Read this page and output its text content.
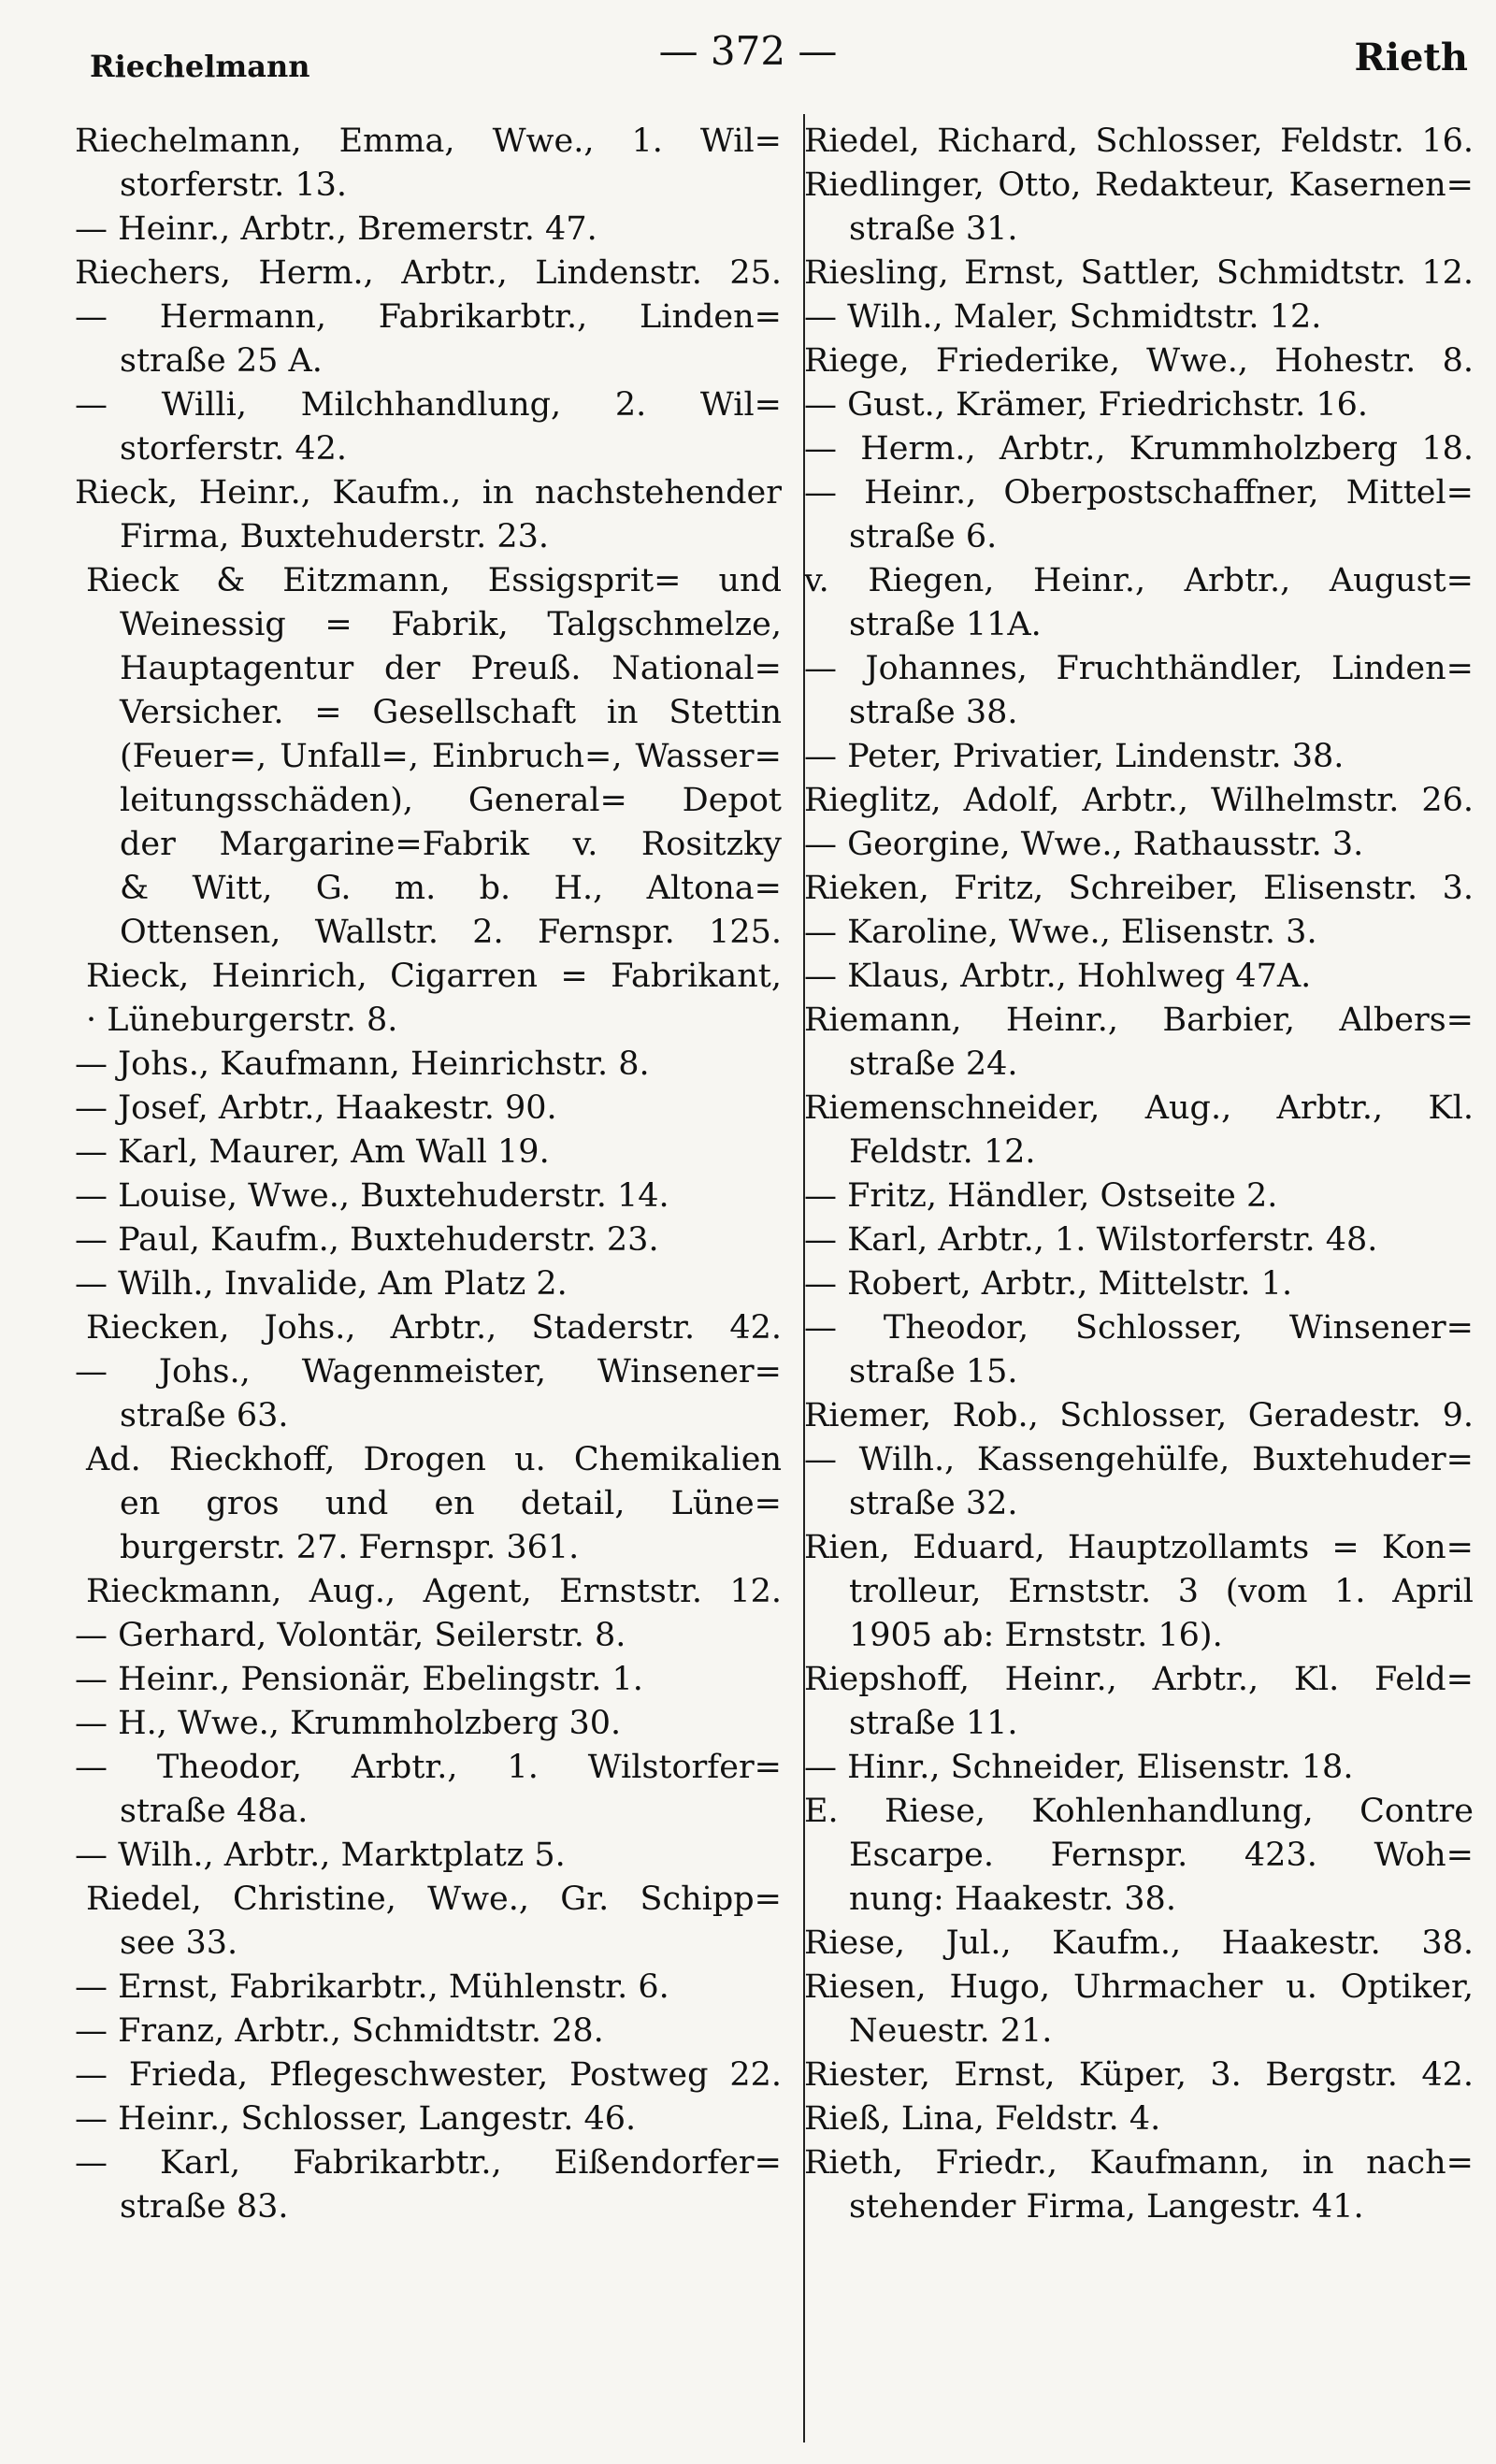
Riechelmann	— 372 —	Rieth
Riechelmann, Emma, Wwe., 1. Wil=
storferstr. 13.
— Heinr., Arbtr., Bremerstr. 47.
Riechers, Herm., Arbtr., Lindenstr. 25.
— Hermann, Fabrikarbtr., Linden=
straße 25 A.
— Willi, Milchhandlung, 2. Wil=
storferstr. 42.
Rieck, Heinr., Kaufm., in nachstehender
Firma, Buxtehuderstr. 23.
Rieck & Eitzmann, Essigsprit= und
Weinessig = Fabrik, Talgschmelze,
Hauptagentur der Preuß. National=
Versicher. = Gesellschaft in Stettin
(Feuer=, Unfall=, Einbruch=, Wasser=
leitungsschäden), General= Depot
der Margarine=Fabrik v. Rositzky
& Witt, G. m. b. H., Altona=
Ottensen, Wallstr. 2. Fernspr. 125.
Rieck, Heinrich, Cigarren = Fabrikant,
· Lüneburgerstr. 8.
— Johs., Kaufmann, Heinrichstr. 8.
— Josef, Arbtr., Haakestr. 90.
— Karl, Maurer, Am Wall 19.
— Louise, Wwe., Buxtehuderstr. 14.
— Paul, Kaufm., Buxtehuderstr. 23.
— Wilh., Invalide, Am Platz 2.
Riecken, Johs., Arbtr., Staderstr. 42.
— Johs., Wagenmeister, Winsener=
straße 63.
Ad. Rieckhoff, Drogen u. Chemikalien
en gros und en detail, Lüne=
burgerstr. 27. Fernspr. 361.
Rieckmann, Aug., Agent, Ernststr. 12.
— Gerhard, Volontär, Seilerstr. 8.
— Heinr., Pensionär, Ebelingstr. 1.
— H., Wwe., Krummholzberg 30.
— Theodor, Arbtr., 1. Wilstorfer=
straße 48a.
— Wilh., Arbtr., Marktplatz 5.
Riedel, Christine, Wwe., Gr. Schipp=
see 33.
— Ernst, Fabrikarbtr., Mühlenstr. 6.
— Franz, Arbtr., Schmidtstr. 28.
— Frieda, Pflegeschwester, Postweg 22.
— Heinr., Schlosser, Langestr. 46.
— Karl, Fabrikarbtr., Eißendorfer=
straße 83.
Riedel, Richard, Schlosser, Feldstr. 16.
Riedlinger, Otto, Redakteur, Kasernen=
straße 31.
Riesling, Ernst, Sattler, Schmidtstr. 12.
— Wilh., Maler, Schmidtstr. 12.
Riege, Friederike, Wwe., Hohestr. 8.
— Gust., Krämer, Friedrichstr. 16.
— Herm., Arbtr., Krummholzberg 18.
— Heinr., Oberpostschaffner, Mittel=
straße 6.
v. Riegen, Heinr., Arbtr., August=
straße 11A.
— Johannes, Fruchthändler, Linden=
straße 38.
— Peter, Privatier, Lindenstr. 38.
Rieglitz, Adolf, Arbtr., Wilhelmstr. 26.
— Georgine, Wwe., Rathausstr. 3.
Rieken, Fritz, Schreiber, Elisenstr. 3.
— Karoline, Wwe., Elisenstr. 3.
— Klaus, Arbtr., Hohlweg 47A.
Riemann, Heinr., Barbier, Albers=
straße 24.
Riemenschneider, Aug., Arbtr., Kl.
Feldstr. 12.
— Fritz, Händler, Ostseite 2.
— Karl, Arbtr., 1. Wilstorferstr. 48.
— Robert, Arbtr., Mittelstr. 1.
— Theodor, Schlosser, Winsener=
straße 15.
Riemer, Rob., Schlosser, Geradestr. 9.
— Wilh., Kassengehülfe, Buxtehuder=
straße 32.
Rien, Eduard, Hauptzollamts = Kon=
trolleur, Ernststr. 3 (vom 1. April
1905 ab: Ernststr. 16).
Riepshoff, Heinr., Arbtr., Kl. Feld=
straße 11.
— Hinr., Schneider, Elisenstr. 18.
E. Riese, Kohlenhandlung, Contre
Escarpe. Fernspr. 423. Woh=
nung: Haakestr. 38.
Riese, Jul., Kaufm., Haakestr. 38.
Riesen, Hugo, Uhrmacher u. Optiker,
Neuestr. 21.
Riester, Ernst, Küper, 3. Bergstr. 42.
Rieß, Lina, Feldstr. 4.
Rieth, Friedr., Kaufmann, in nach=
stehender Firma, Langestr. 41.
